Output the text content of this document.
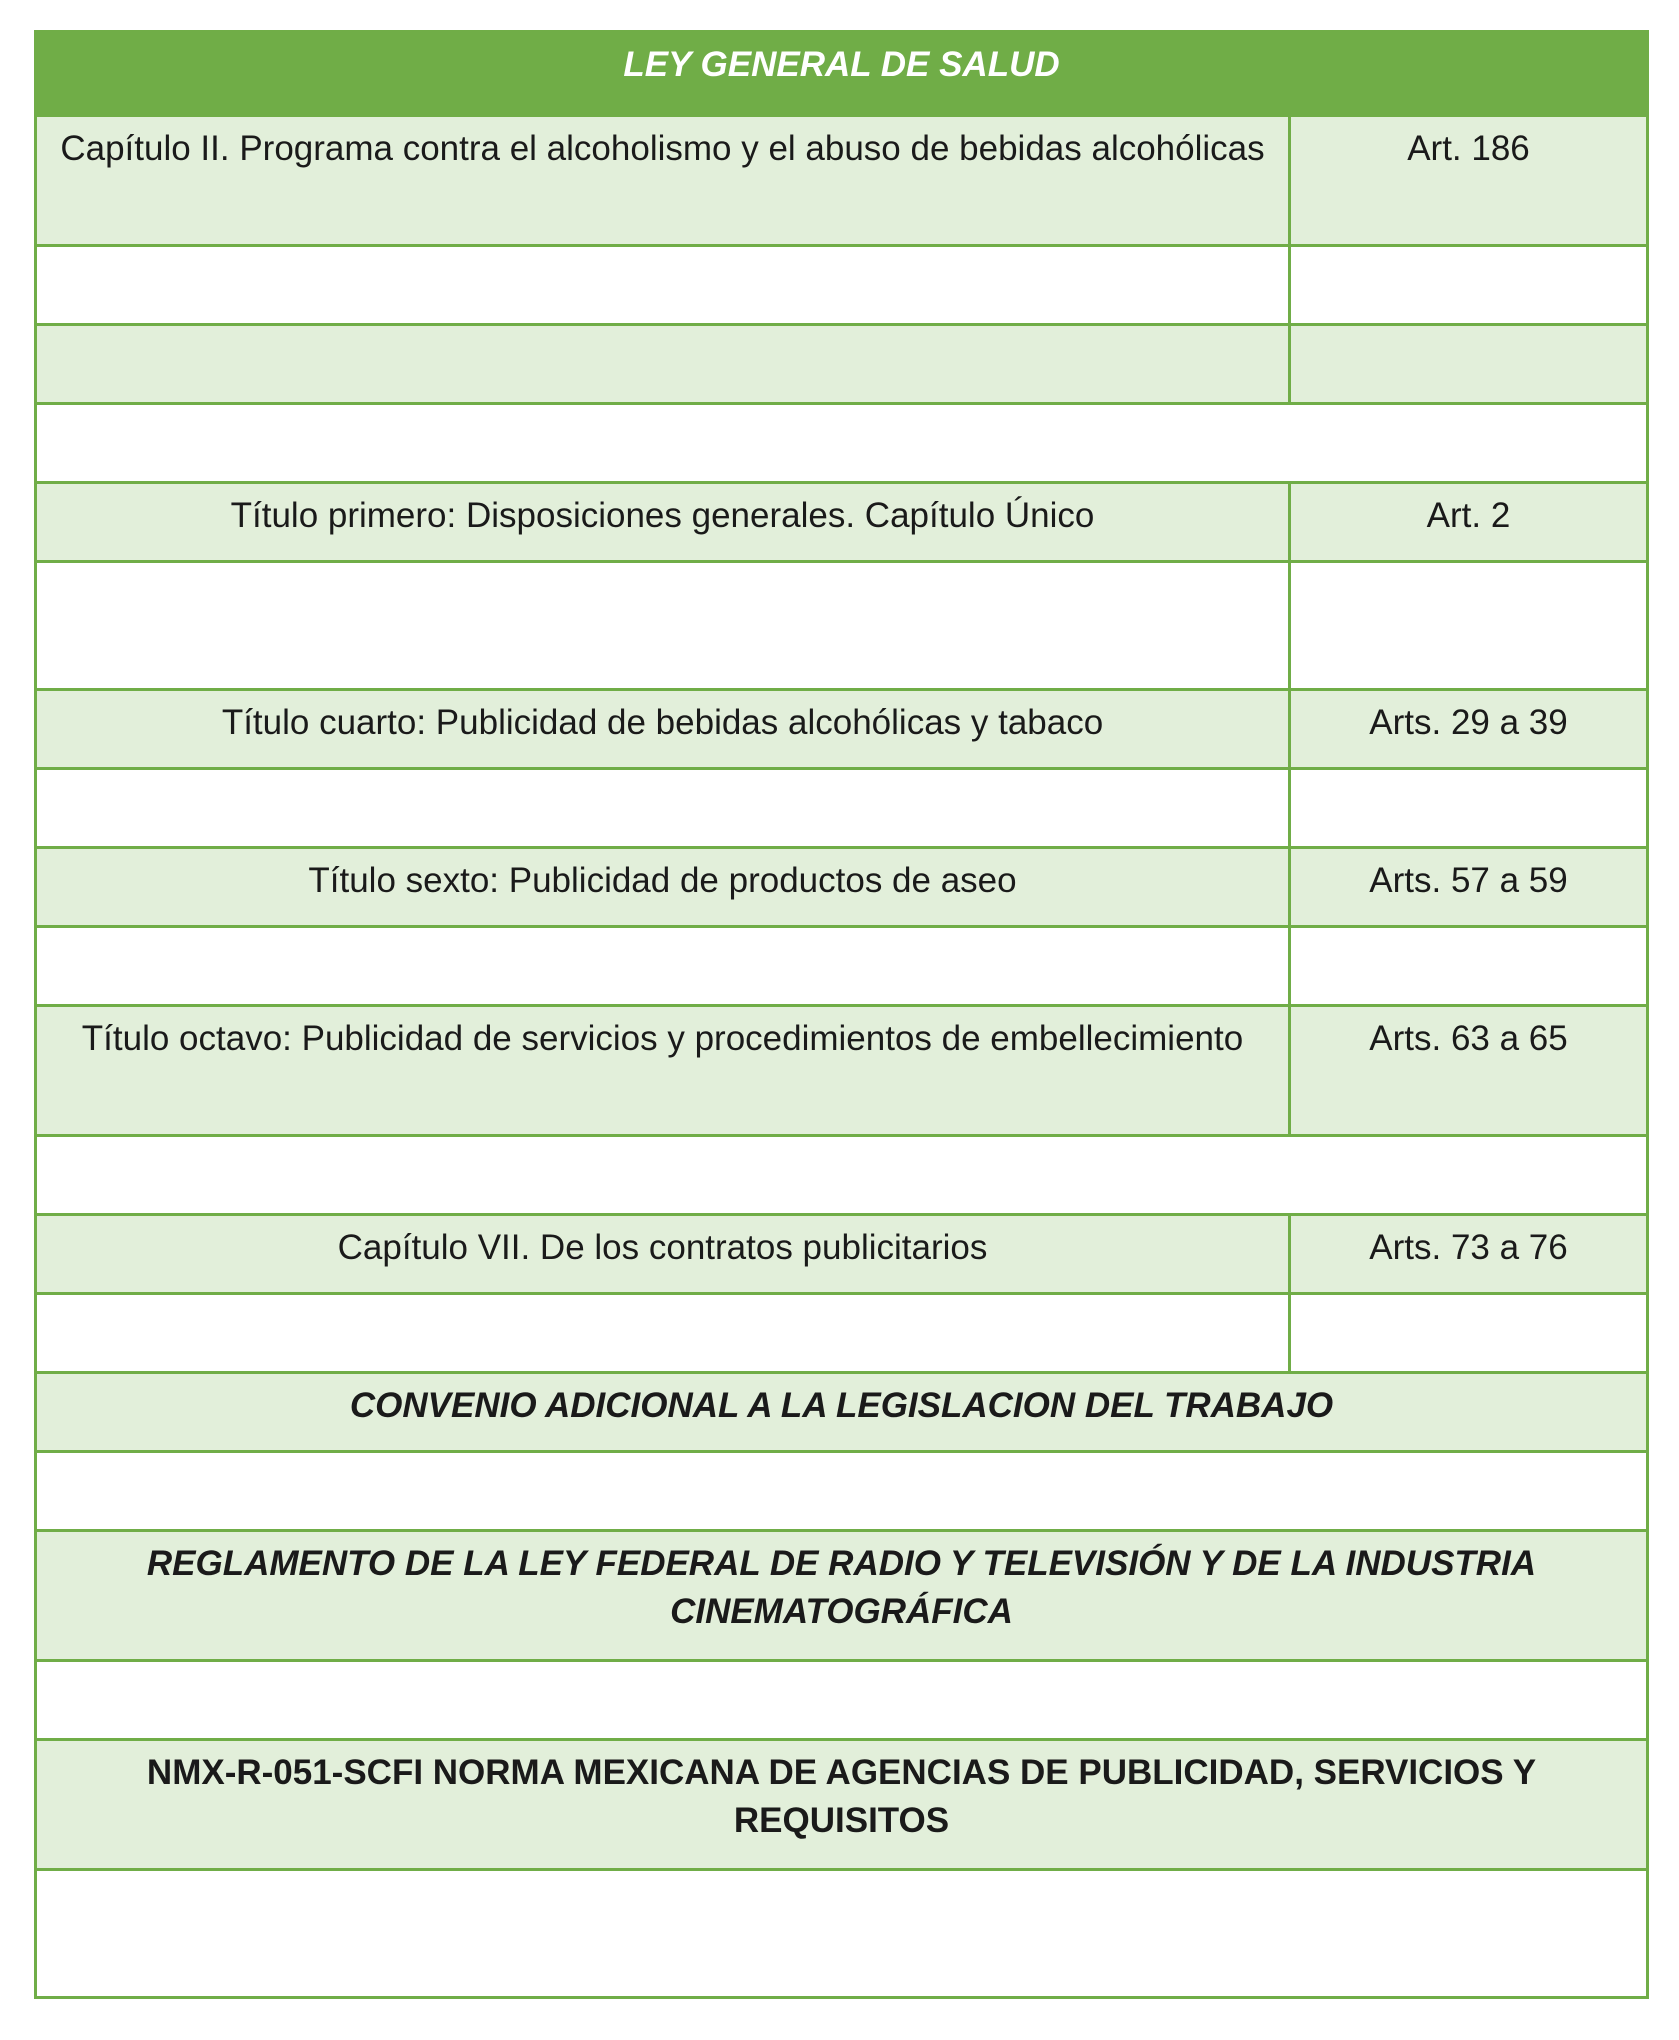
LEY GENERAL DE SALUD	
Capítulo II. Programa contra el alcoholismo y el abuso de bebidas alcohólicas	Art. 186

Título primero: Disposiciones generales. Capítulo Único	Art. 2

Título cuarto: Publicidad de bebidas alcohólicas y tabaco	Arts. 29 a 39

Título sexto: Publicidad de productos de aseo	Arts. 57 a 59

Título octavo: Publicidad de servicios y procedimientos de embellecimiento	Arts. 63 a 65

Capítulo VII. De los contratos publicitarios	Arts. 73 a 76

CONVENIO ADICIONAL A LA LEGISLACION DEL TRABAJO	

REGLAMENTO DE LA LEY FEDERAL DE RADIO Y TELEVISIÓN Y DE LA INDUSTRIA CINEMATOGRÁFICA	

NMX-R-051-SCFI NORMA MEXICANA DE AGENCIAS DE PUBLICIDAD, SERVICIOS Y REQUISITOS	
